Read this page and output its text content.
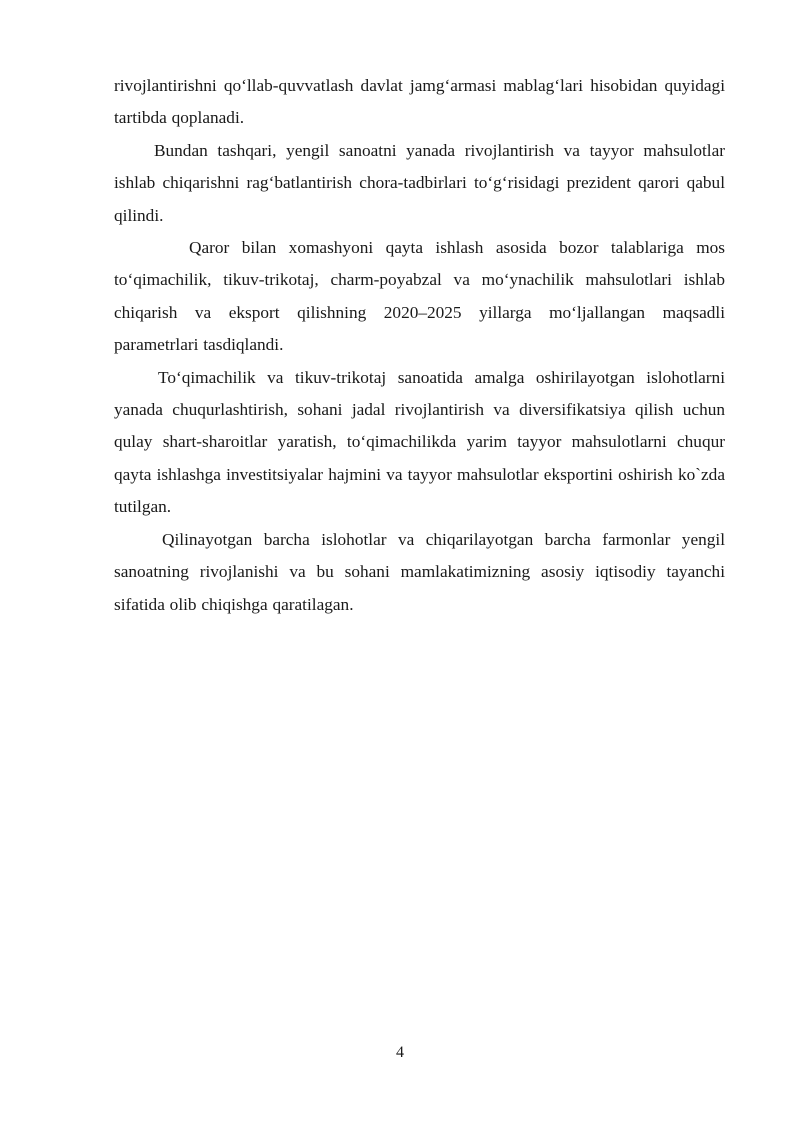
rivojlantirishni qo‘llab-quvvatlash davlat jamg‘armasi mablag‘lari hisobidan quyidagi tartibda qoplanadi.

Bundan tashqari, yengil sanoatni yanada rivojlantirish va tayyor mahsulotlar ishlab chiqarishni rag‘batlantirish chora-tadbirlari to‘g‘risidagi prezident qarori qabul qilindi.

Qaror bilan xomashyoni qayta ishlash asosida bozor talablariga mos to‘qimachilik, tikuv-trikotaj, charm-poyabzal va mo‘ynachilik mahsulotlari ishlab chiqarish va eksport qilishning 2020–2025 yillarga mo‘ljallangan maqsadli parametrlari tasdiqlandi.

To‘qimachilik va tikuv-trikotaj sanoatida amalga oshirilayotgan islohotlarni yanada chuqurlashtirish, sohani jadal rivojlantirish va diversifikatsiya qilish uchun qulay shart-sharoitlar yaratish, to‘qimachilikda yarim tayyor mahsulotlarni chuqur qayta ishlashga investitsiyalar hajmini va tayyor mahsulotlar eksportini oshirish ko`zda tutilgan.

Qilinayotgan barcha islohotlar va chiqarilayotgan barcha farmonlar yengil sanoatning rivojlanishi va bu sohani mamlakatimizning asosiy iqtisodiy tayanchi sifatida olib chiqishga qaratilagan.

4
